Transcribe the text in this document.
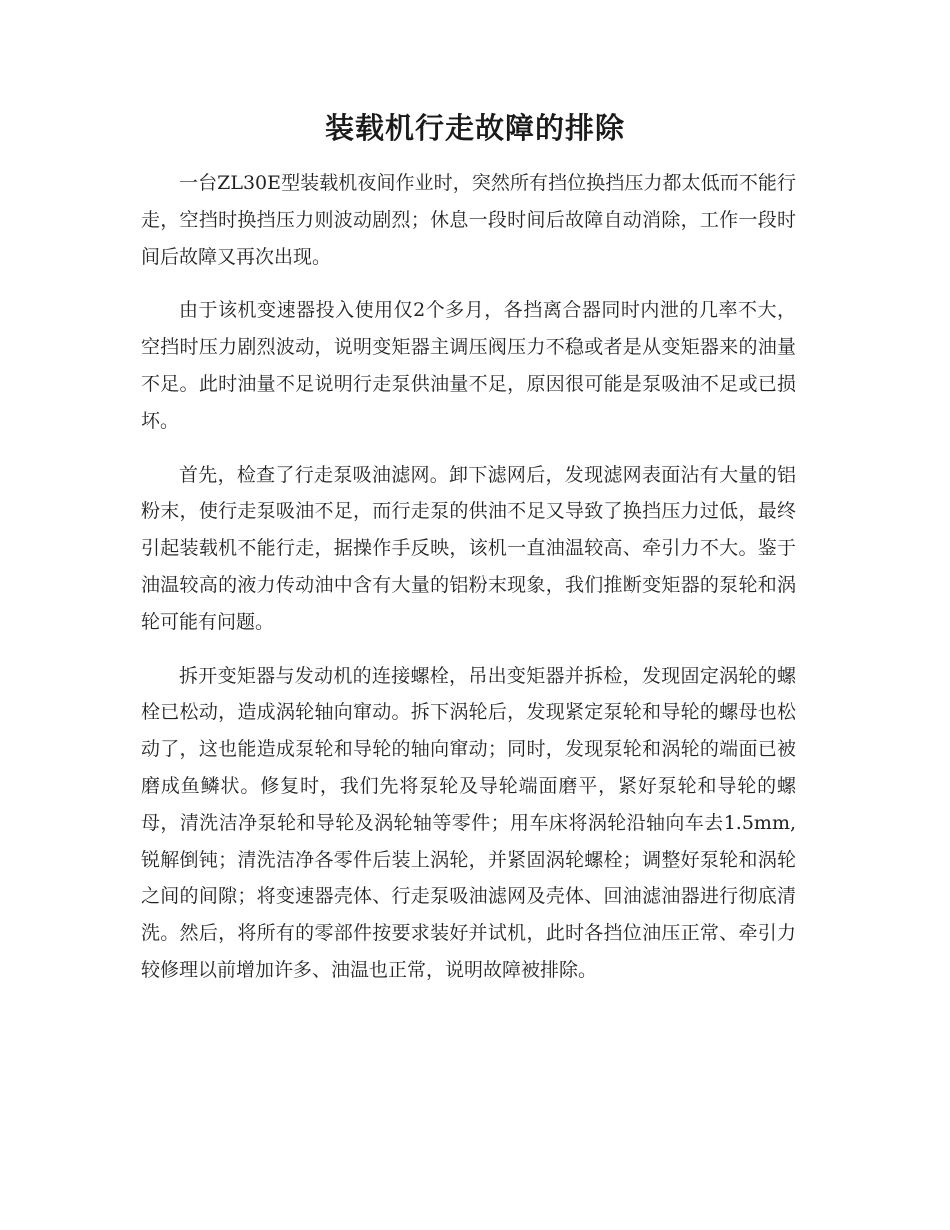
装载机行走故障的排除

一台ZL30E型装载机夜间作业时，突然所有挡位换挡压力都太低而不能行走，空挡时换挡压力则波动剧烈；休息一段时间后故障自动消除，工作一段时间后故障又再次出现。

由于该机变速器投入使用仅2个多月，各挡离合器同时内泄的几率不大，空挡时压力剧烈波动，说明变矩器主调压阀压力不稳或者是从变矩器来的油量不足。此时油量不足说明行走泵供油量不足，原因很可能是泵吸油不足或已损坏。

首先，检查了行走泵吸油滤网。卸下滤网后，发现滤网表面沾有大量的铝粉末，使行走泵吸油不足，而行走泵的供油不足又导致了换挡压力过低，最终引起装载机不能行走，据操作手反映，该机一直油温较高、牵引力不大。鉴于油温较高的液力传动油中含有大量的铝粉末现象，我们推断变矩器的泵轮和涡轮可能有问题。

拆开变矩器与发动机的连接螺栓，吊出变矩器并拆检，发现固定涡轮的螺栓已松动，造成涡轮轴向窜动。拆下涡轮后，发现紧定泵轮和导轮的螺母也松动了，这也能造成泵轮和导轮的轴向窜动；同时，发现泵轮和涡轮的端面已被磨成鱼鳞状。修复时，我们先将泵轮及导轮端面磨平，紧好泵轮和导轮的螺母，清洗洁净泵轮和导轮及涡轮轴等零件；用车床将涡轮沿轴向车去1.5mm,锐解倒钝；清洗洁净各零件后装上涡轮，并紧固涡轮螺栓；调整好泵轮和涡轮之间的间隙；将变速器壳体、行走泵吸油滤网及壳体、回油滤油器进行彻底清洗。然后，将所有的零部件按要求装好并试机，此时各挡位油压正常、牵引力较修理以前增加许多、油温也正常，说明故障被排除。
